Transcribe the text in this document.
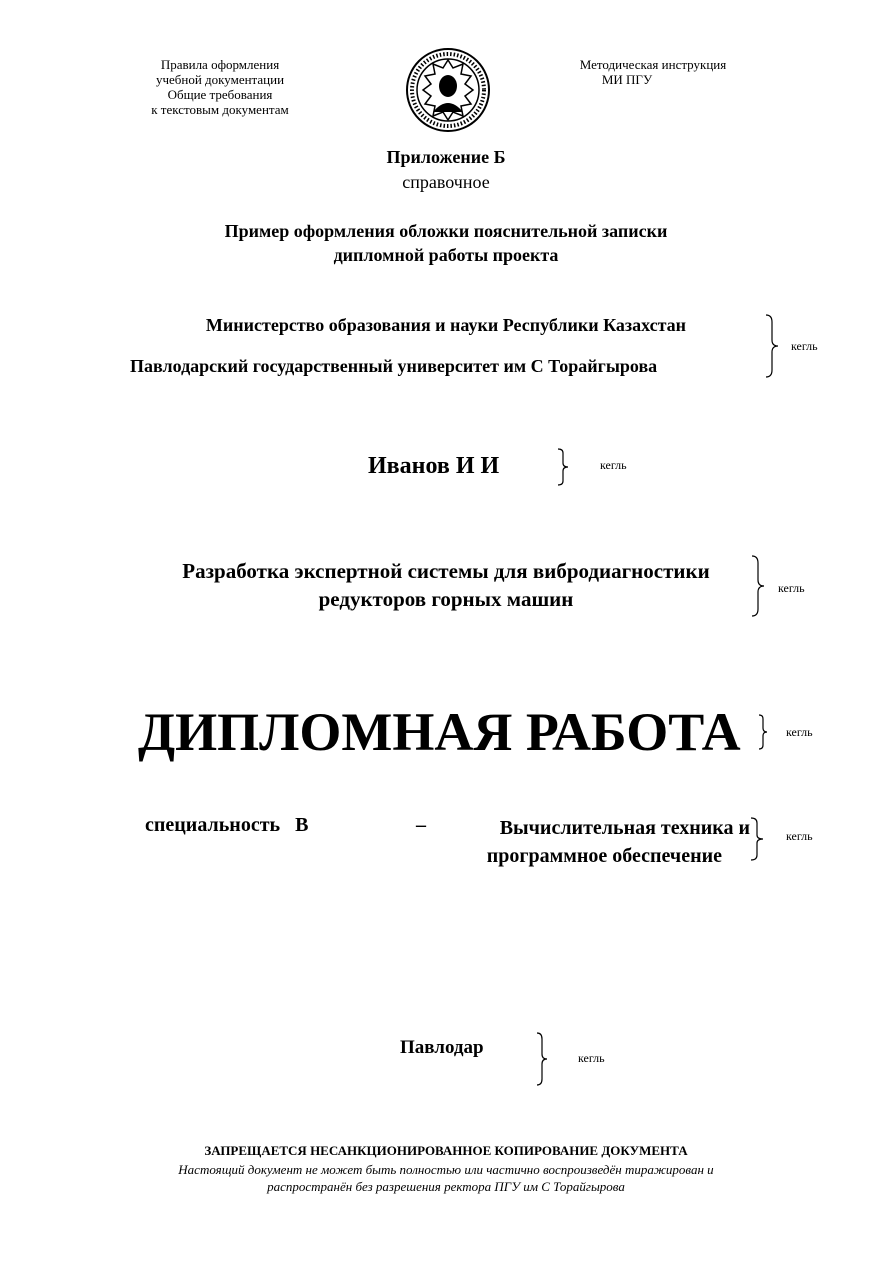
Правила оформления
учебной документации
Общие требования
к текстовым документам
Методическая инструкция
МИ ПГУ
Приложение Б
справочное
Пример оформления обложки пояснительной записки
дипломной работы проекта
Министерство образования и науки Республики Казахстан
Павлодарский государственный университет им С Торайгырова
кегль
Иванов И И	кегль
Разработка экспертной системы для вибродиагностики
редукторов горных машин	кегль
ДИПЛОМНАЯ РАБОТА	кегль
специальность   В	–	Вычислительная техника и
программное обеспечение
кегль
Павлодар	кегль
ЗАПРЕЩАЕТСЯ НЕСАНКЦИОНИРОВАННОЕ КОПИРОВАНИЕ ДОКУМЕНТА
Настоящий документ не может быть полностью или частично воспроизведён тиражирован и
распространён без разрешения ректора ПГУ им С Торайгырова
